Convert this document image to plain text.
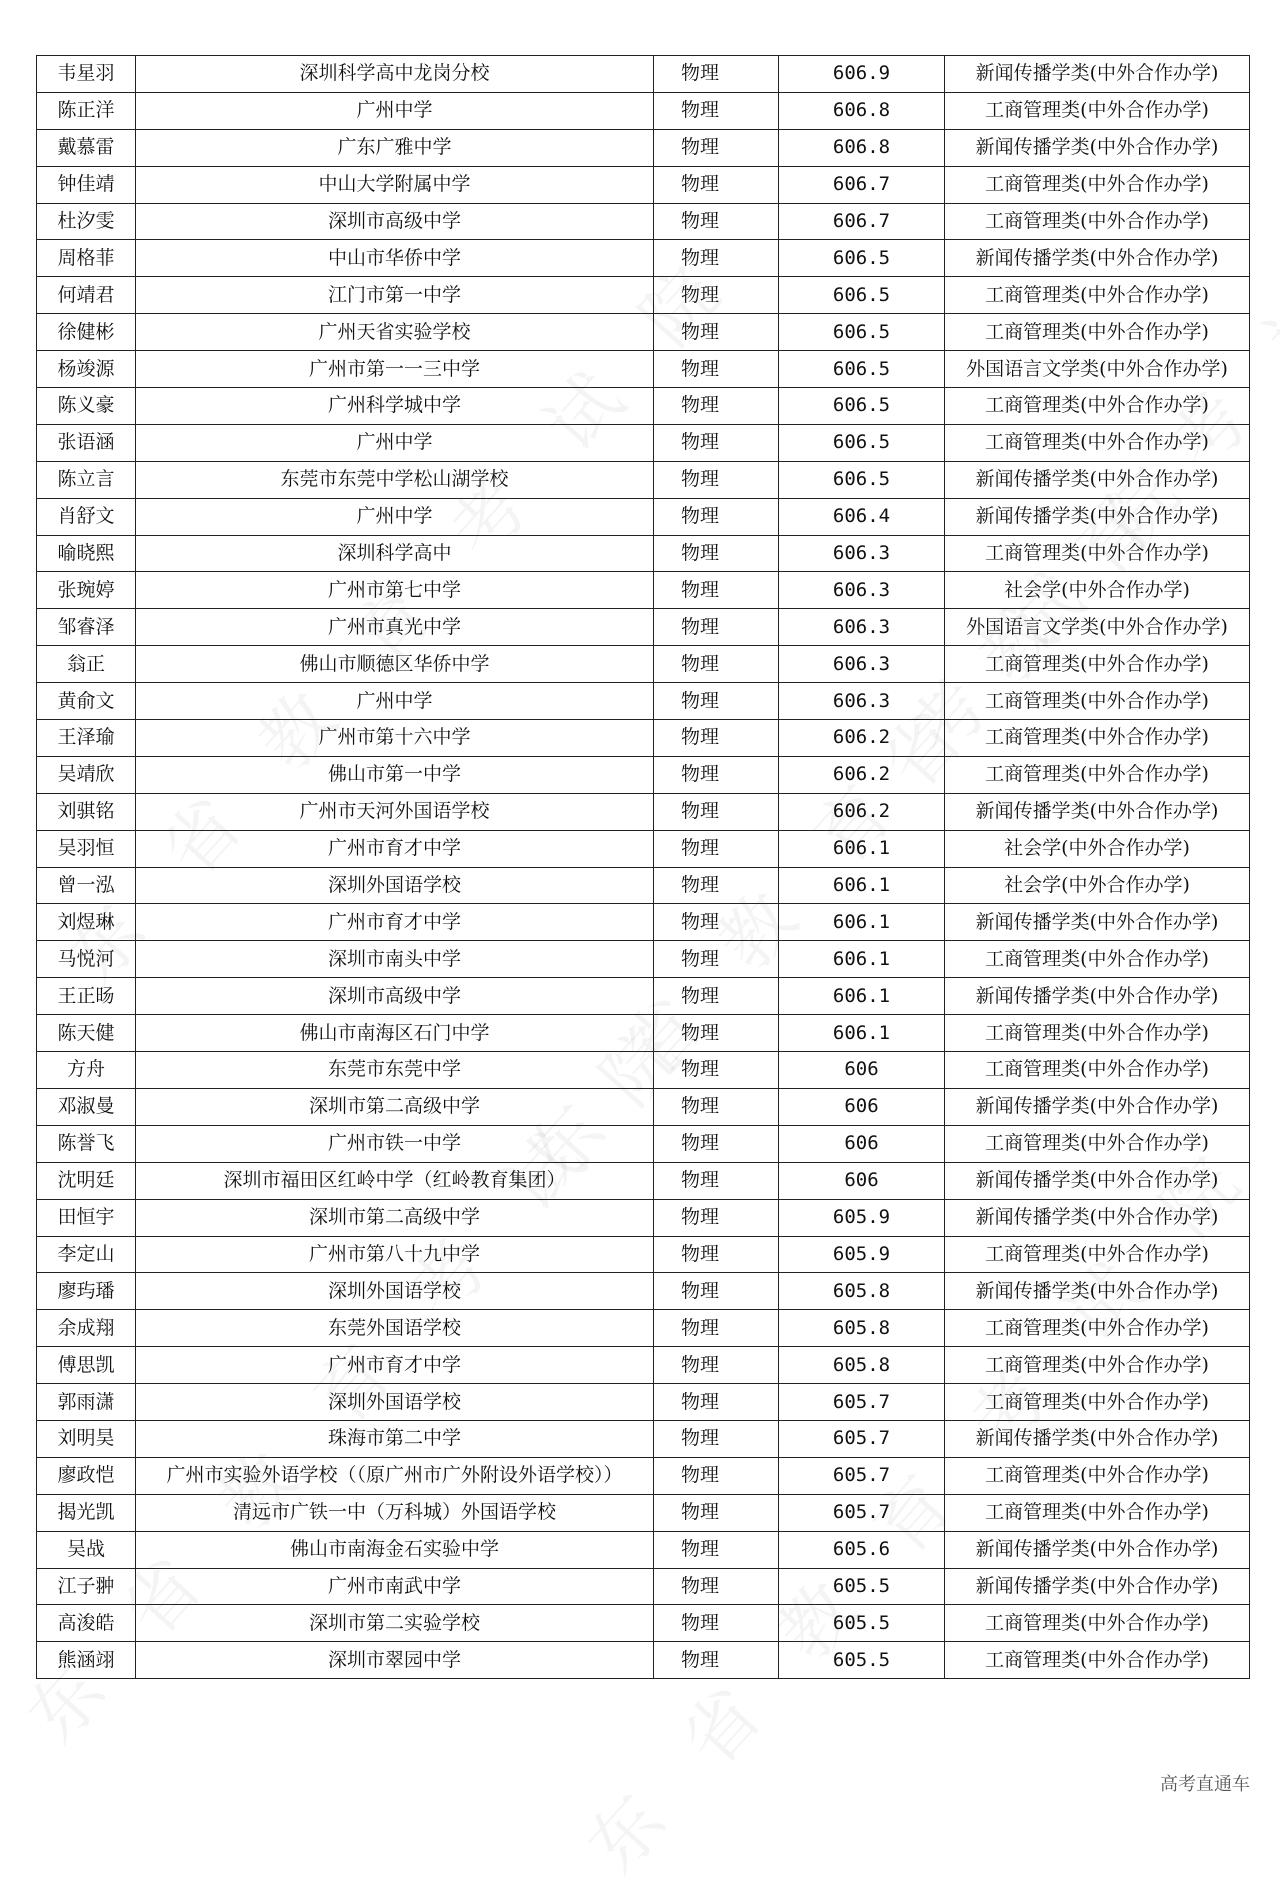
韦星羽	深圳科学高中龙岗分校	物理	606.9	新闻传播学类(中外合作办学)
陈正洋	广州中学	物理	606.8	工商管理类(中外合作办学)
戴慕雷	广东广雅中学	物理	606.8	新闻传播学类(中外合作办学)
钟佳靖	中山大学附属中学	物理	606.7	工商管理类(中外合作办学)
杜汐雯	深圳市高级中学	物理	606.7	工商管理类(中外合作办学)
周格菲	中山市华侨中学	物理	606.5	新闻传播学类(中外合作办学)
何靖君	江门市第一中学	物理	606.5	工商管理类(中外合作办学)
徐健彬	广州天省实验学校	物理	606.5	工商管理类(中外合作办学)
杨竣源	广州市第一一三中学	物理	606.5	外国语言文学类(中外合作办学)
陈义豪	广州科学城中学	物理	606.5	工商管理类(中外合作办学)
张语涵	广州中学	物理	606.5	工商管理类(中外合作办学)
陈立言	东莞市东莞中学松山湖学校	物理	606.5	新闻传播学类(中外合作办学)
肖舒文	广州中学	物理	606.4	新闻传播学类(中外合作办学)
喻晓熙	深圳科学高中	物理	606.3	工商管理类(中外合作办学)
张琬婷	广州市第七中学	物理	606.3	社会学(中外合作办学)
邹睿泽	广州市真光中学	物理	606.3	外国语言文学类(中外合作办学)
翁正	佛山市顺德区华侨中学	物理	606.3	工商管理类(中外合作办学)
黄俞文	广州中学	物理	606.3	工商管理类(中外合作办学)
王泽瑜	广州市第十六中学	物理	606.2	工商管理类(中外合作办学)
吴靖欣	佛山市第一中学	物理	606.2	工商管理类(中外合作办学)
刘骐铭	广州市天河外国语学校	物理	606.2	新闻传播学类(中外合作办学)
吴羽恒	广州市育才中学	物理	606.1	社会学(中外合作办学)
曾一泓	深圳外国语学校	物理	606.1	社会学(中外合作办学)
刘煜琳	广州市育才中学	物理	606.1	新闻传播学类(中外合作办学)
马悦河	深圳市南头中学	物理	606.1	工商管理类(中外合作办学)
王正旸	深圳市高级中学	物理	606.1	新闻传播学类(中外合作办学)
陈天健	佛山市南海区石门中学	物理	606.1	工商管理类(中外合作办学)
方舟	东莞市东莞中学	物理	606	工商管理类(中外合作办学)
邓淑曼	深圳市第二高级中学	物理	606	新闻传播学类(中外合作办学)
陈誉飞	广州市铁一中学	物理	606	工商管理类(中外合作办学)
沈明廷	深圳市福田区红岭中学（红岭教育集团）	物理	606	新闻传播学类(中外合作办学)
田恒宇	深圳市第二高级中学	物理	605.9	新闻传播学类(中外合作办学)
李定山	广州市第八十九中学	物理	605.9	工商管理类(中外合作办学)
廖玙璠	深圳外国语学校	物理	605.8	新闻传播学类(中外合作办学)
余成翔	东莞外国语学校	物理	605.8	工商管理类(中外合作办学)
傅思凯	广州市育才中学	物理	605.8	工商管理类(中外合作办学)
郭雨潇	深圳外国语学校	物理	605.7	工商管理类(中外合作办学)
刘明昊	珠海市第二中学	物理	605.7	新闻传播学类(中外合作办学)
廖政恺	广州市实验外语学校（（原广州市广外附设外语学校））	物理	605.7	工商管理类(中外合作办学)
揭光凯	清远市广铁一中（万科城）外国语学校	物理	605.7	工商管理类(中外合作办学)
吴战	佛山市南海金石实验中学	物理	605.6	新闻传播学类(中外合作办学)
江子翀	广州市南武中学	物理	605.5	新闻传播学类(中外合作办学)
高浚皓	深圳市第二实验学校	物理	605.5	工商管理类(中外合作办学)
熊涵翊	深圳市翠园中学	物理	605.5	工商管理类(中外合作办学)
高考直通车
